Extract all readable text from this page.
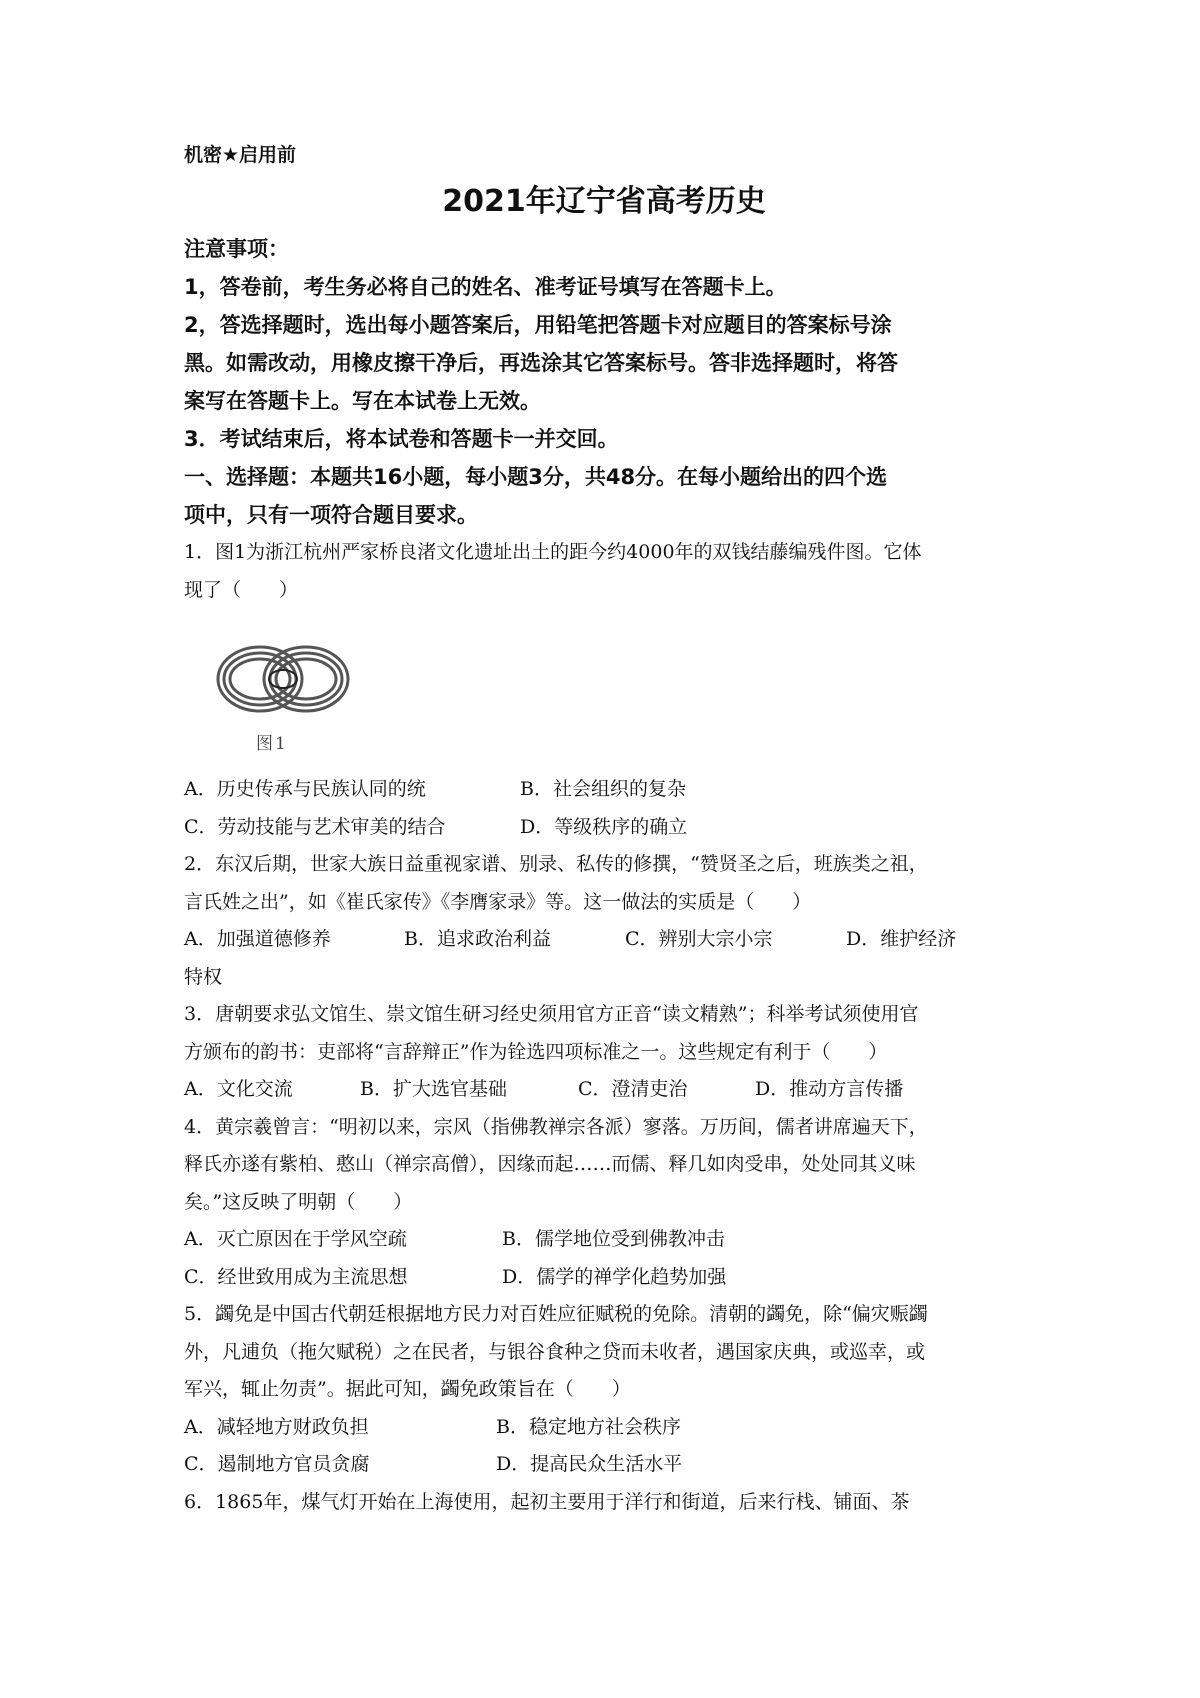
机密★启用前
2021年辽宁省高考历史
注意事项：
1，答卷前，考生务必将自己的姓名、准考证号填写在答题卡上。
2，答选择题时，选出每小题答案后，用铅笔把答题卡对应题目的答案标号涂
黑。如需改动，用橡皮擦干净后，再选涂其它答案标号。答非选择题时，将答
案写在答题卡上。写在本试卷上无效。
3．考试结束后，将本试卷和答题卡一并交回。
一、选择题：本题共16小题，每小题3分，共48分。在每小题给出的四个选
项中，只有一项符合题目要求。
1．图1为浙江杭州严家桥良渚文化遗址出土的距今约4000年的双钱结藤编残件图。它体
现了（　　）
图1
A．历史传承与民族认同的统	B．社会组织的复杂
C．劳动技能与艺术审美的结合	D．等级秩序的确立
2．东汉后期，世家大族日益重视家谱、别录、私传的修撰，“赞贤圣之后，班族类之祖，
言氏姓之出”，如《崔氏家传》《李膺家录》等。这一做法的实质是（　　）
A．加强道德修养	B．追求政治利益	C．辨别大宗小宗	D．维护经济
特权
3．唐朝要求弘文馆生、崇文馆生研习经史须用官方正音“读文精熟”；科举考试须使用官
方颁布的韵书：吏部将“言辞辩正”作为铨选四项标准之一。这些规定有利于（　　）
A．文化交流	B．扩大选官基础	C．澄清吏治	D．推动方言传播
4．黄宗羲曾言：“明初以来，宗风（指佛教禅宗各派）寥落。万历间，儒者讲席遍天下，
释氏亦遂有紫柏、憨山（禅宗高僧），因缘而起……而儒、释几如肉受串，处处同其义味
矣。”这反映了明朝（　　）
A．灭亡原因在于学风空疏	B．儒学地位受到佛教冲击
C．经世致用成为主流思想	D．儒学的禅学化趋势加强
5．蠲免是中国古代朝廷根据地方民力对百姓应征赋税的免除。清朝的蠲免，除“偏灾赈蠲
外，凡逋负（拖欠赋税）之在民者，与银谷食种之贷而未收者，遇国家庆典，或巡幸，或
军兴，辄止勿责”。据此可知，蠲免政策旨在（　　）
A．减轻地方财政负担	B．稳定地方社会秩序
C．遏制地方官员贪腐	D．提高民众生活水平
6．1865年，煤气灯开始在上海使用，起初主要用于洋行和街道，后来行栈、铺面、茶
